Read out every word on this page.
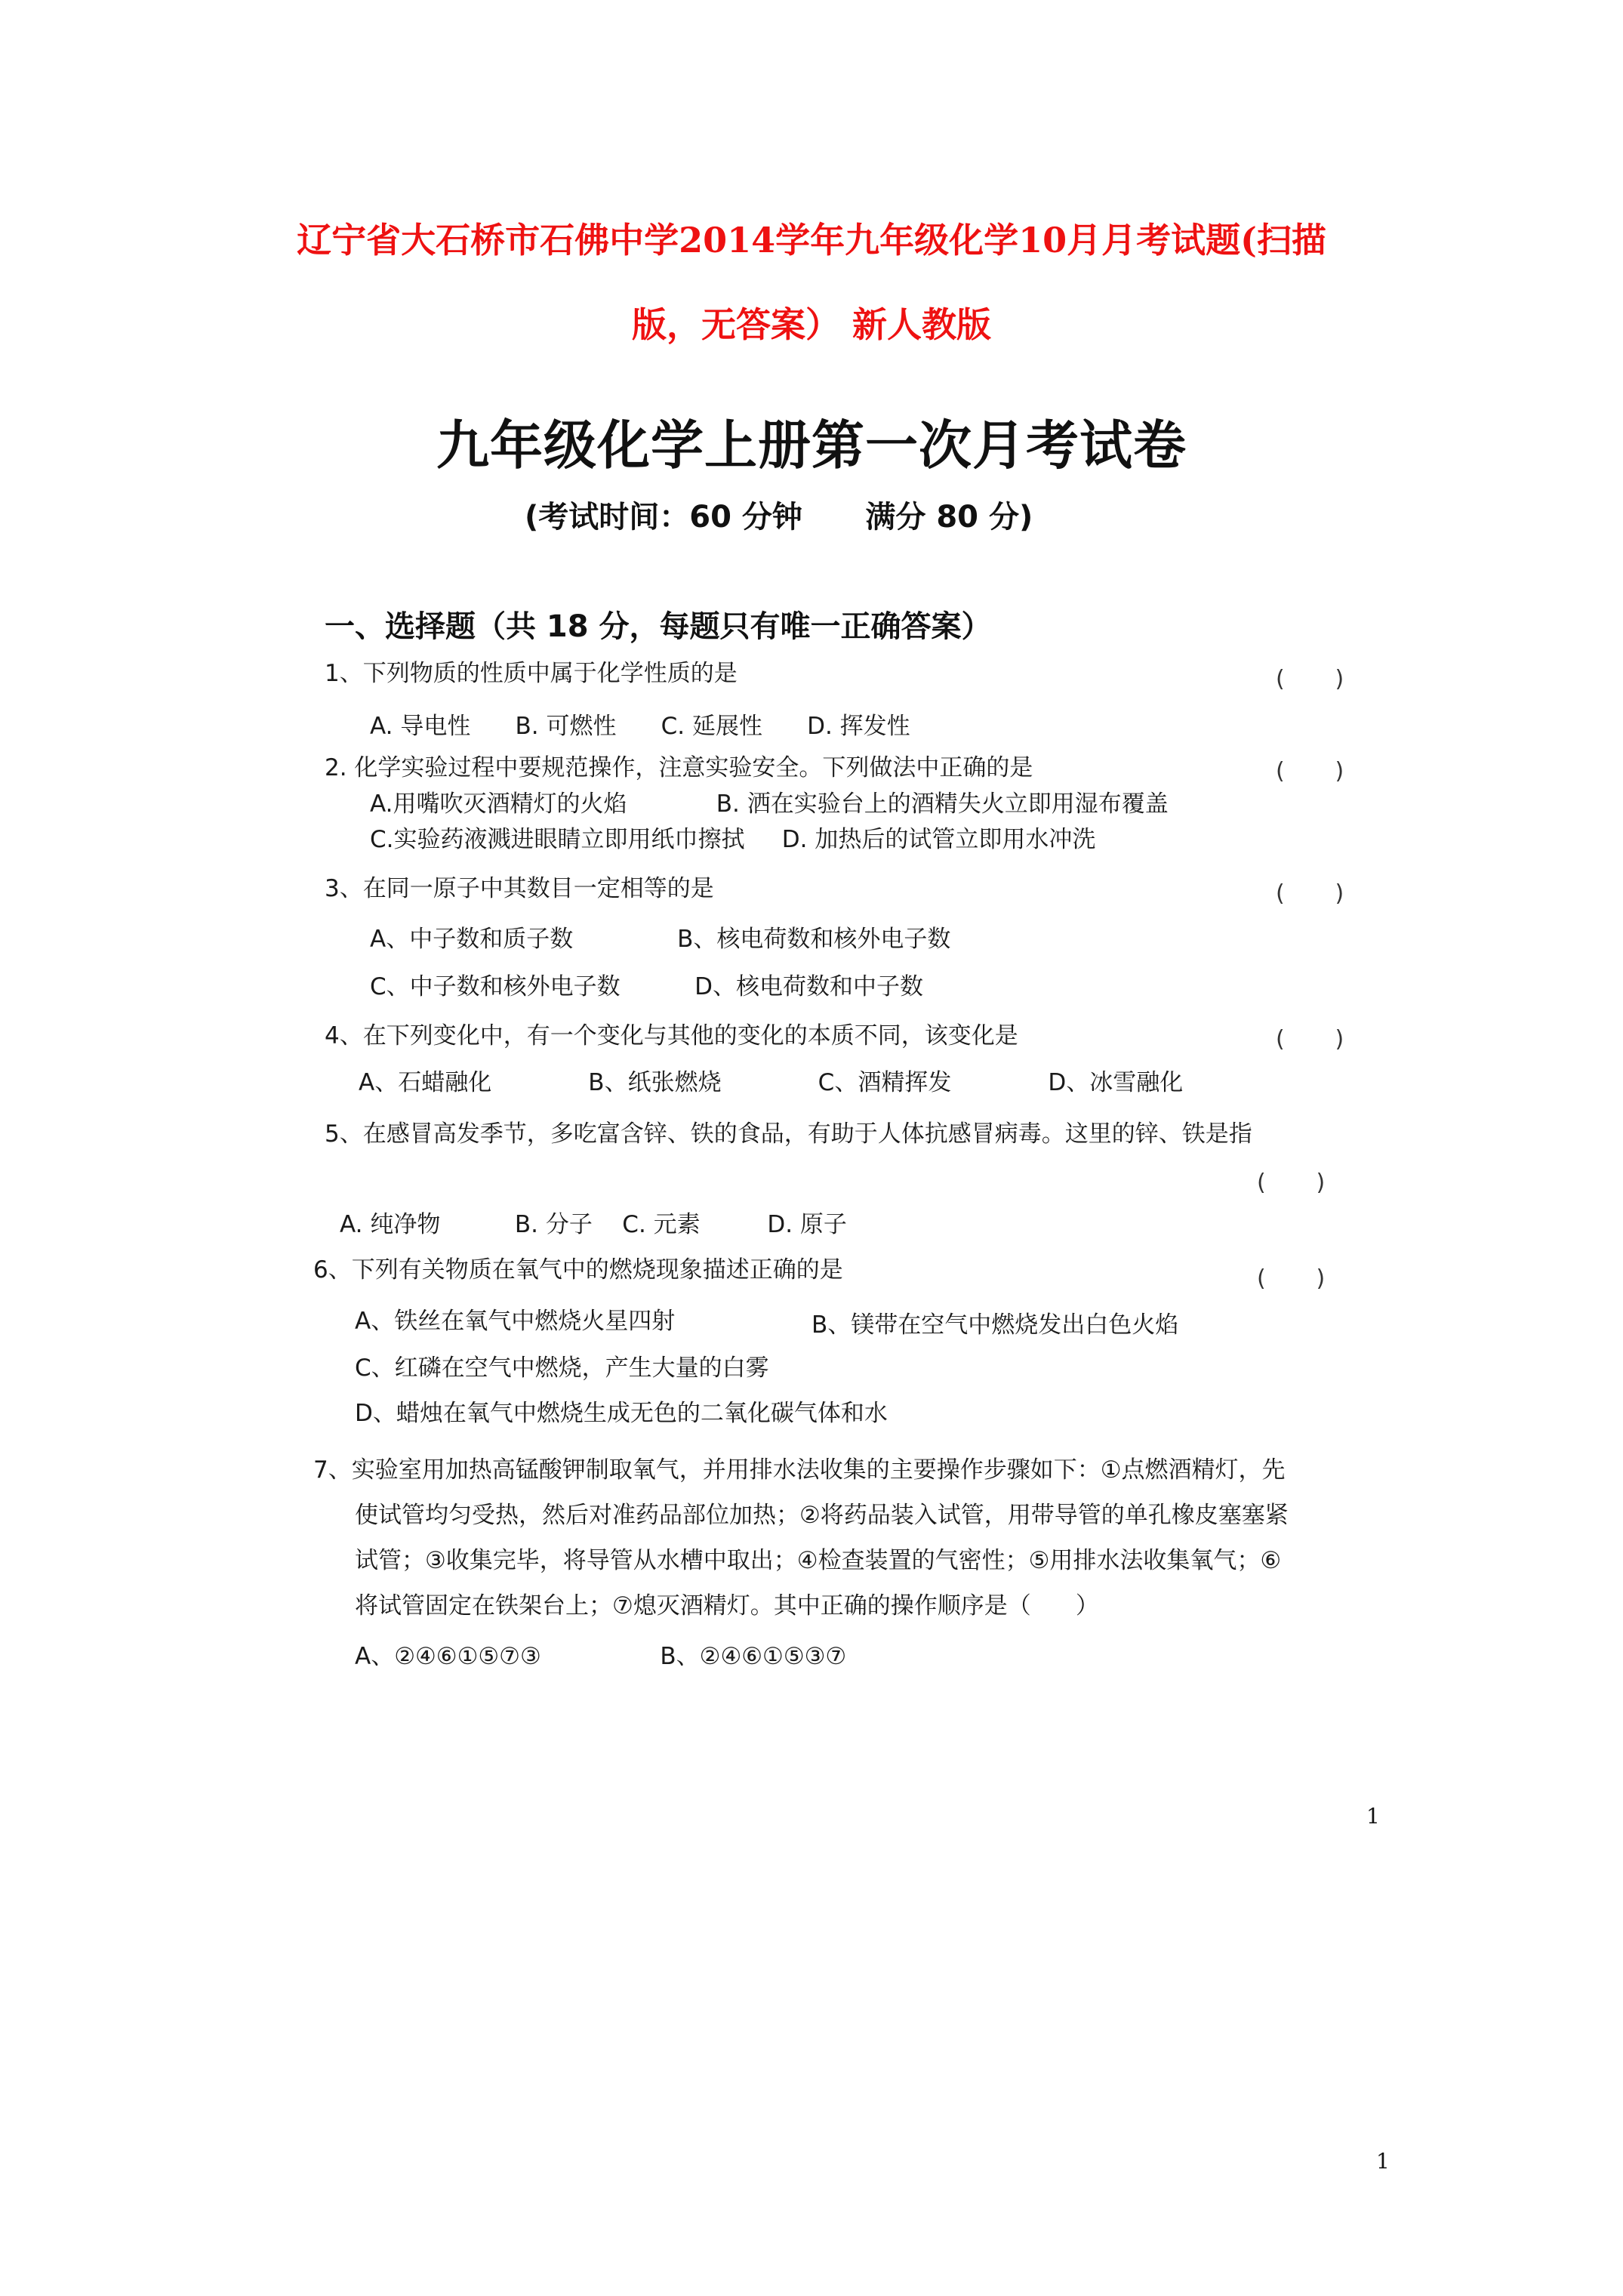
辽宁省大石桥市石佛中学2014学年九年级化学10月月考试题(扫描
版，无答案） 新人教版
九年级化学上册第一次月考试卷
(考试时间：60 分钟      满分 80 分)
一、选择题（共 18 分，每题只有唯一正确答案）
1、下列物质的性质中属于化学性质的是	(       )
A. 导电性      B. 可燃性      C. 延展性      D. 挥发性
2. 化学实验过程中要规范操作，注意实验安全。下列做法中正确的是	(       )
A.用嘴吹灭酒精灯的火焰            B. 洒在实验台上的酒精失火立即用湿布覆盖
C.实验药液溅进眼睛立即用纸巾擦拭     D. 加热后的试管立即用水冲洗
3、在同一原子中其数目一定相等的是	(       )
A、中子数和质子数              B、核电荷数和核外电子数
C、中子数和核外电子数          D、核电荷数和中子数
4、在下列变化中，有一个变化与其他的变化的本质不同，该变化是	(       )
A、石蜡融化             B、纸张燃烧             C、酒精挥发             D、冰雪融化
5、在感冒高发季节，多吃富含锌、铁的食品，有助于人体抗感冒病毒。这里的锌、铁是指
(       )
A. 纯净物          B. 分子    C. 元素         D. 原子
6、下列有关物质在氧气中的燃烧现象描述正确的是	(       )
A、铁丝在氧气中燃烧火星四射	B、镁带在空气中燃烧发出白色火焰
C、红磷在空气中燃烧，产生大量的白雾
D、蜡烛在氧气中燃烧生成无色的二氧化碳气体和水
7、实验室用加热高锰酸钾制取氧气，并用排水法收集的主要操作步骤如下：①点燃酒精灯，先
使试管均匀受热，然后对准药品部位加热；②将药品装入试管，用带导管的单孔橡皮塞塞紧
试管；③收集完毕，将导管从水槽中取出；④检查装置的气密性；⑤用排水法收集氧气；⑥
将试管固定在铁架台上；⑦熄灭酒精灯。其中正确的操作顺序是（      ）
A、②④⑥①⑤⑦③                B、②④⑥①⑤③⑦
1
1
